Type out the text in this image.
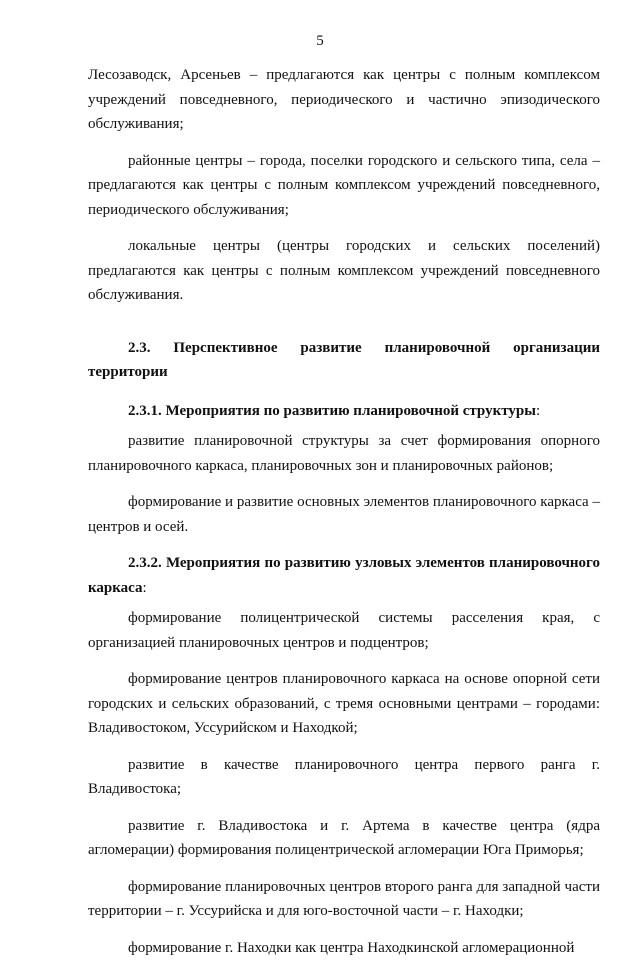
5

Лесозаводск, Арсеньев – предлагаются как центры с полным комплексом учреждений повседневного, периодического и частично эпизодического обслуживания;

районные центры – города, поселки городского и сельского типа, села – предлагаются как центры с полным комплексом учреждений повседневного, периодического обслуживания;

локальные центры (центры городских и сельских поселений) предлагаются как центры с полным комплексом учреждений повседневного обслуживания.

2.3. Перспективное развитие планировочной организации территории

2.3.1. Мероприятия по развитию планировочной структуры:

развитие планировочной структуры за счет формирования опорного планировочного каркаса, планировочных зон и планировочных районов;

формирование и развитие основных элементов планировочного каркаса – центров и осей.

2.3.2. Мероприятия по развитию узловых элементов планировочного каркаса:

формирование полицентрической системы расселения края, с организацией планировочных центров и подцентров;

формирование центров планировочного каркаса на основе опорной сети городских и сельских образований, с тремя основными центрами – городами: Владивостоком, Уссурийском и Находкой;

развитие в качестве планировочного центра первого ранга г. Владивостока;

развитие г. Владивостока и г. Артема в качестве центра (ядра агломерации) формирования полицентрической агломерации Юга Приморья;

формирование планировочных центров второго ранга для западной части территории – г. Уссурийска и для юго-восточной части – г. Находки;

формирование г. Находки как центра Находкинской агломерационной
